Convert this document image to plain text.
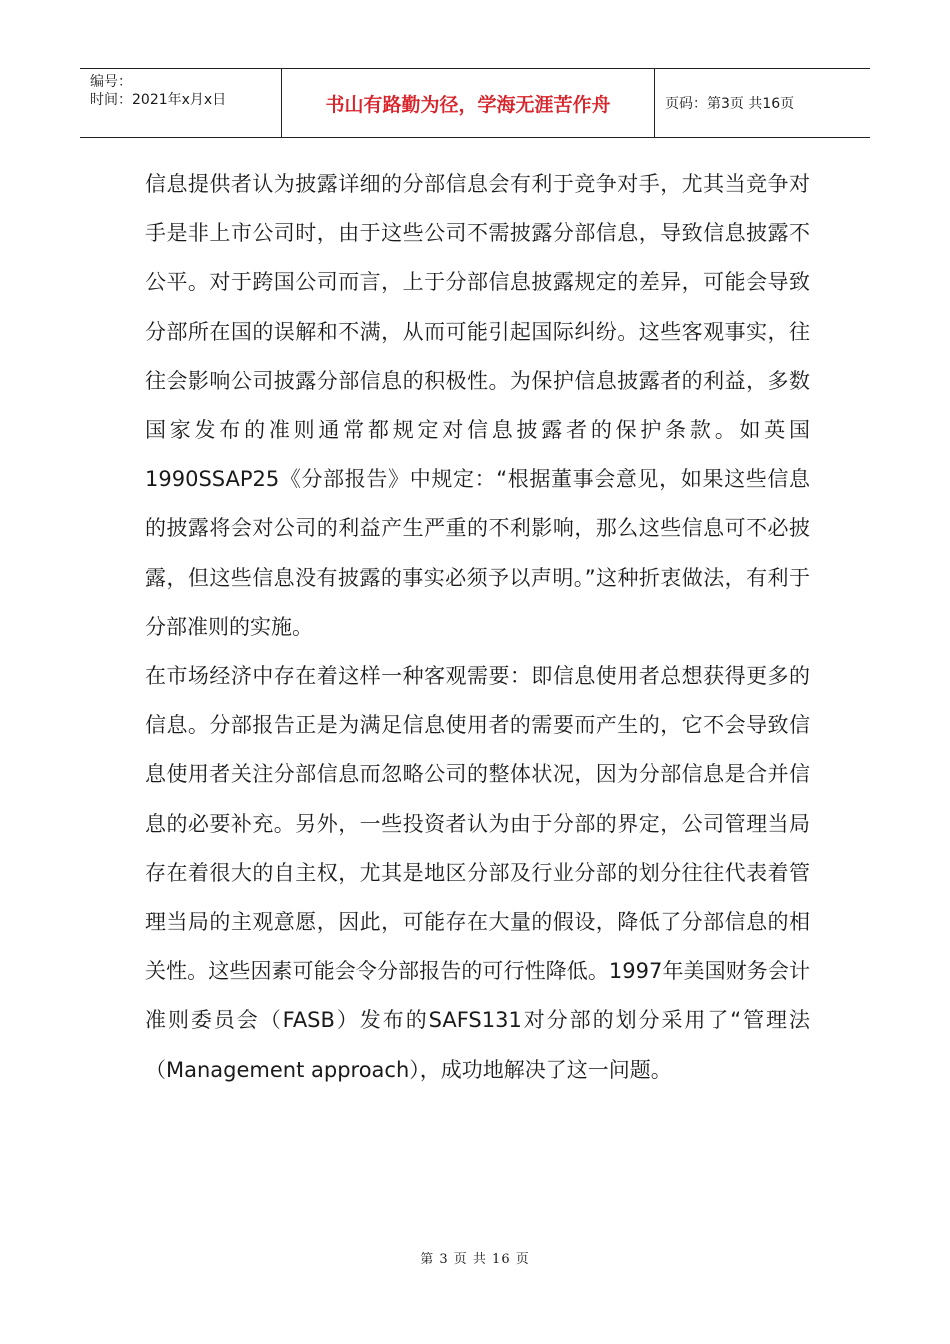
编号：
时间：2021年x月x日	书山有路勤为径，学海无涯苦作舟	页码：第3页 共16页

信息提供者认为披露详细的分部信息会有利于竞争对手，尤其当竞争对手是非上市公司时，由于这些公司不需披露分部信息，导致信息披露不公平。对于跨国公司而言，上于分部信息披露规定的差异，可能会导致分部所在国的误解和不满，从而可能引起国际纠纷。这些客观事实，往往会影响公司披露分部信息的积极性。为保护信息披露者的利益，多数国家发布的准则通常都规定对信息披露者的保护条款。如英国1990SSAP25《分部报告》中规定：“根据董事会意见，如果这些信息的披露将会对公司的利益产生严重的不利影响，那么这些信息可不必披露，但这些信息没有披露的事实必须予以声明。”这种折衷做法，有利于分部准则的实施。

在市场经济中存在着这样一种客观需要：即信息使用者总想获得更多的信息。分部报告正是为满足信息使用者的需要而产生的，它不会导致信息使用者关注分部信息而忽略公司的整体状况，因为分部信息是合并信息的必要补充。另外，一些投资者认为由于分部的界定，公司管理当局存在着很大的自主权，尤其是地区分部及行业分部的划分往往代表着管理当局的主观意愿，因此，可能存在大量的假设，降低了分部信息的相关性。这些因素可能会令分部报告的可行性降低。1997年美国财务会计准则委员会（FASB）发布的SAFS131对分部的划分采用了“管理法（Management approach），成功地解决了这一问题。

第 3 页 共 16 页
